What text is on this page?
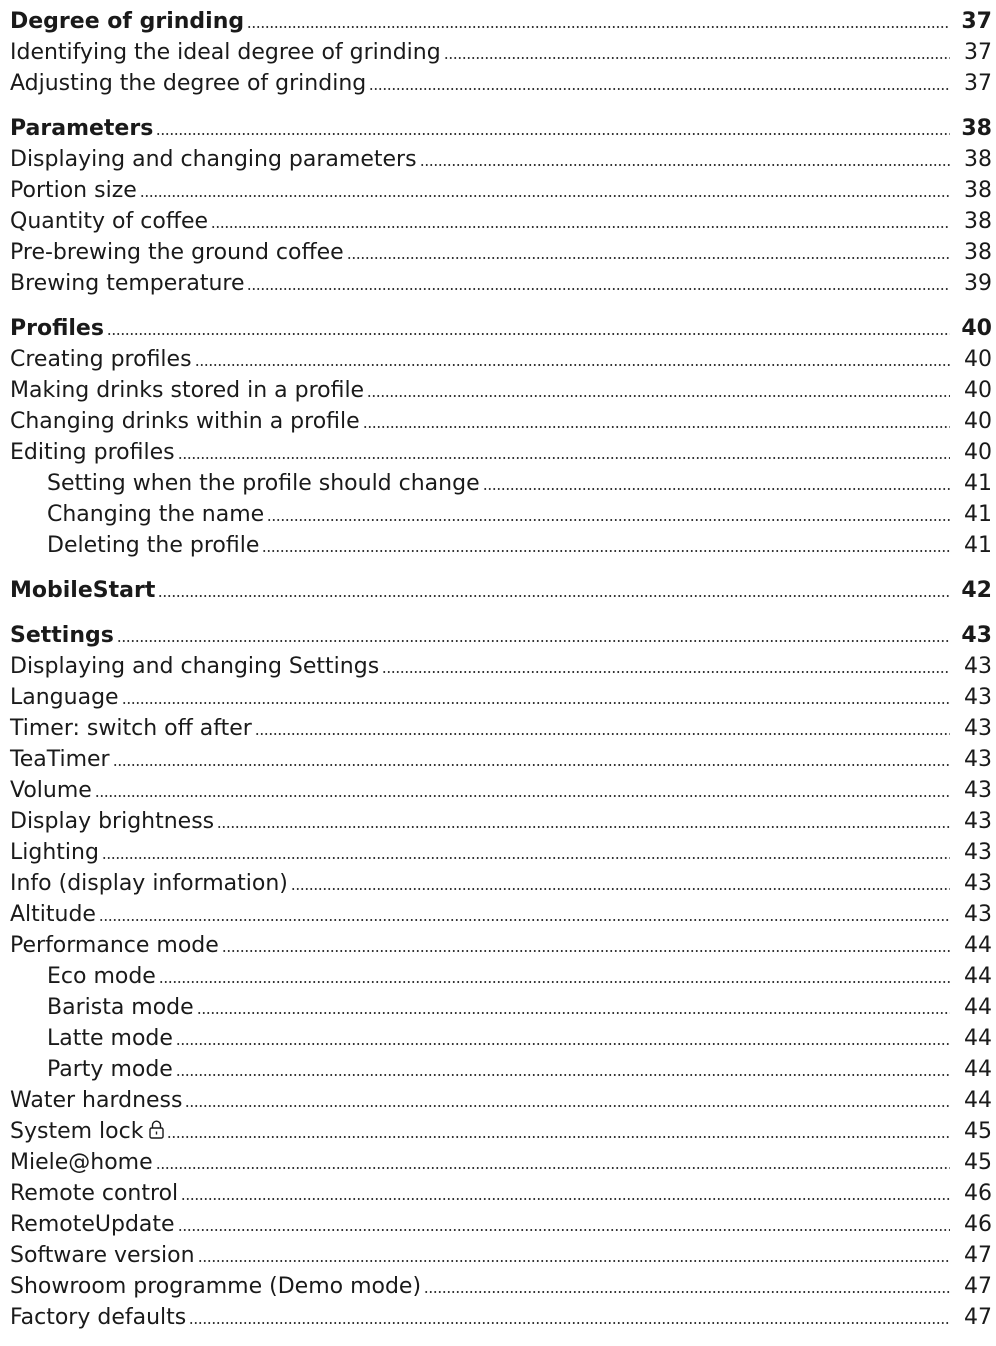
Degree of grinding	37
Identifying the ideal degree of grinding	37
Adjusting the degree of grinding	37
Parameters	38
Displaying and changing parameters	38
Portion size	38
Quantity of coffee	38
Pre-brewing the ground coffee	38
Brewing temperature	39
Profiles	40
Creating profiles	40
Making drinks stored in a profile	40
Changing drinks within a profile	40
Editing profiles	40
Setting when the profile should change	41
Changing the name	41
Deleting the profile	41
MobileStart	42
Settings	43
Displaying and changing Settings	43
Language	43
Timer: switch off after	43
TeaTimer	43
Volume	43
Display brightness	43
Lighting	43
Info (display information)	43
Altitude	43
Performance mode	44
Eco mode	44
Barista mode	44
Latte mode	44
Party mode	44
Water hardness	44
System lock	45
Miele@home	45
Remote control	46
RemoteUpdate	46
Software version	47
Showroom programme (Demo mode)	47
Factory defaults	47
